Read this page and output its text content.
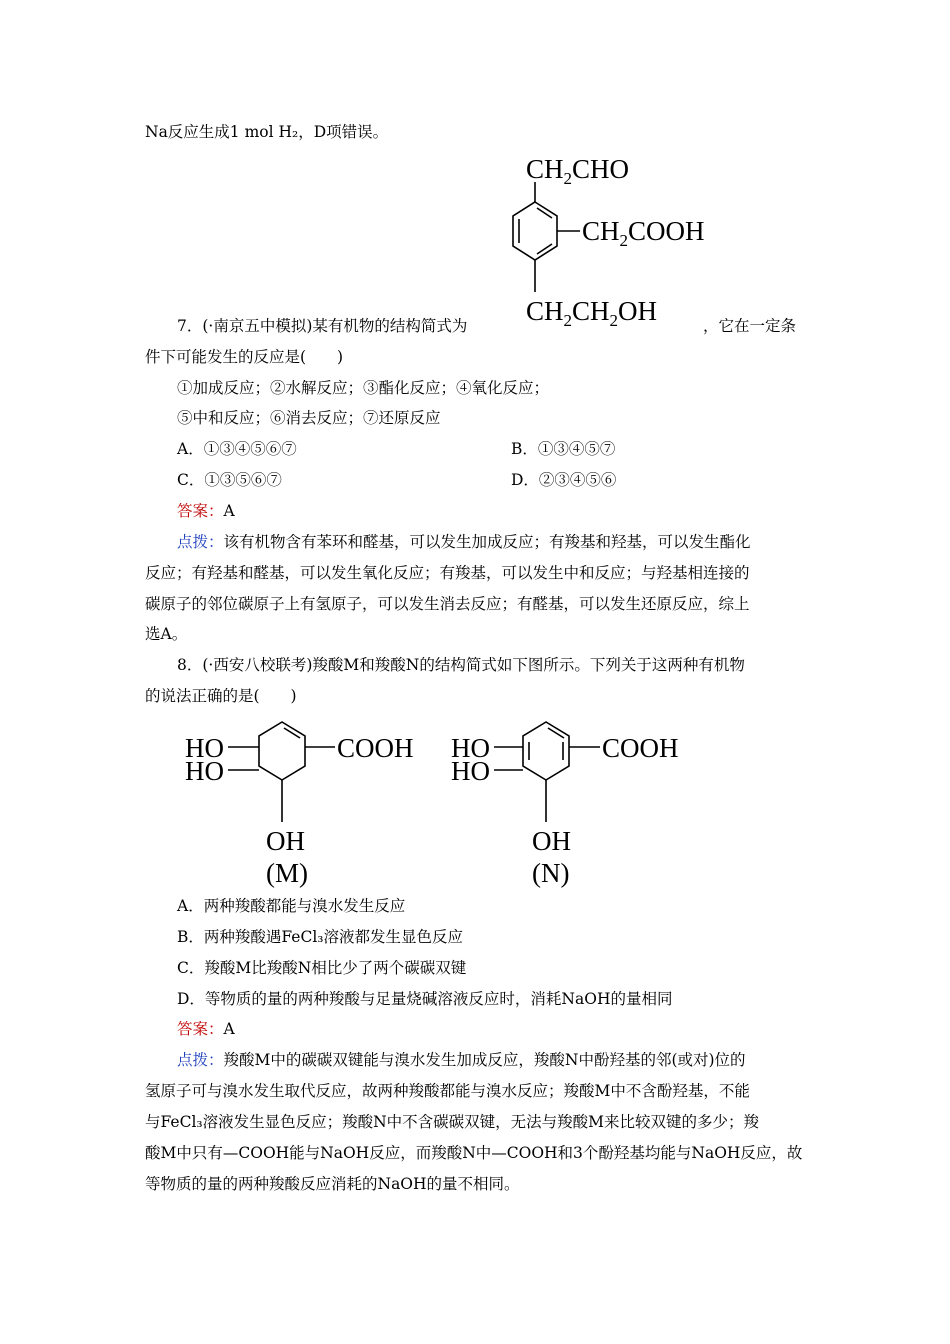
Na反应生成1 mol H₂，D项错误。
$CH_2CHO$
$CH_2COOH$
$CH_2CH_2OH$
7．(·南京五中模拟)某有机物的结构简式为	，它在一定条
件下可能发生的反应是(　　)
①加成反应；②水解反应；③酯化反应；④氧化反应；
⑤中和反应；⑥消去反应；⑦还原反应
A．①③④⑤⑥⑦	B．①③④⑤⑦
C．①③⑤⑥⑦	D．②③④⑤⑥
答案：A
点拨：该有机物含有苯环和醛基，可以发生加成反应；有羧基和羟基，可以发生酯化
反应；有羟基和醛基，可以发生氧化反应；有羧基，可以发生中和反应；与羟基相连接的
碳原子的邻位碳原子上有氢原子，可以发生消去反应；有醛基，可以发生还原反应，综上
选A。
8．(·西安八校联考)羧酸M和羧酸N的结构简式如下图所示。下列关于这两种有机物
的说法正确的是(　　)
HO
HO
COOH
OH
(M)
HO
HO
COOH
OH
(N)
A．两种羧酸都能与溴水发生反应
B．两种羧酸遇FeCl₃溶液都发生显色反应
C．羧酸M比羧酸N相比少了两个碳碳双键
D．等物质的量的两种羧酸与足量烧碱溶液反应时，消耗NaOH的量相同
答案：A
点拨：羧酸M中的碳碳双键能与溴水发生加成反应，羧酸N中酚羟基的邻(或对)位的
氢原子可与溴水发生取代反应，故两种羧酸都能与溴水反应；羧酸M中不含酚羟基，不能
与FeCl₃溶液发生显色反应；羧酸N中不含碳碳双键，无法与羧酸M来比较双键的多少；羧
酸M中只有—COOH能与NaOH反应，而羧酸N中—COOH和3个酚羟基均能与NaOH反应，故
等物质的量的两种羧酸反应消耗的NaOH的量不相同。
